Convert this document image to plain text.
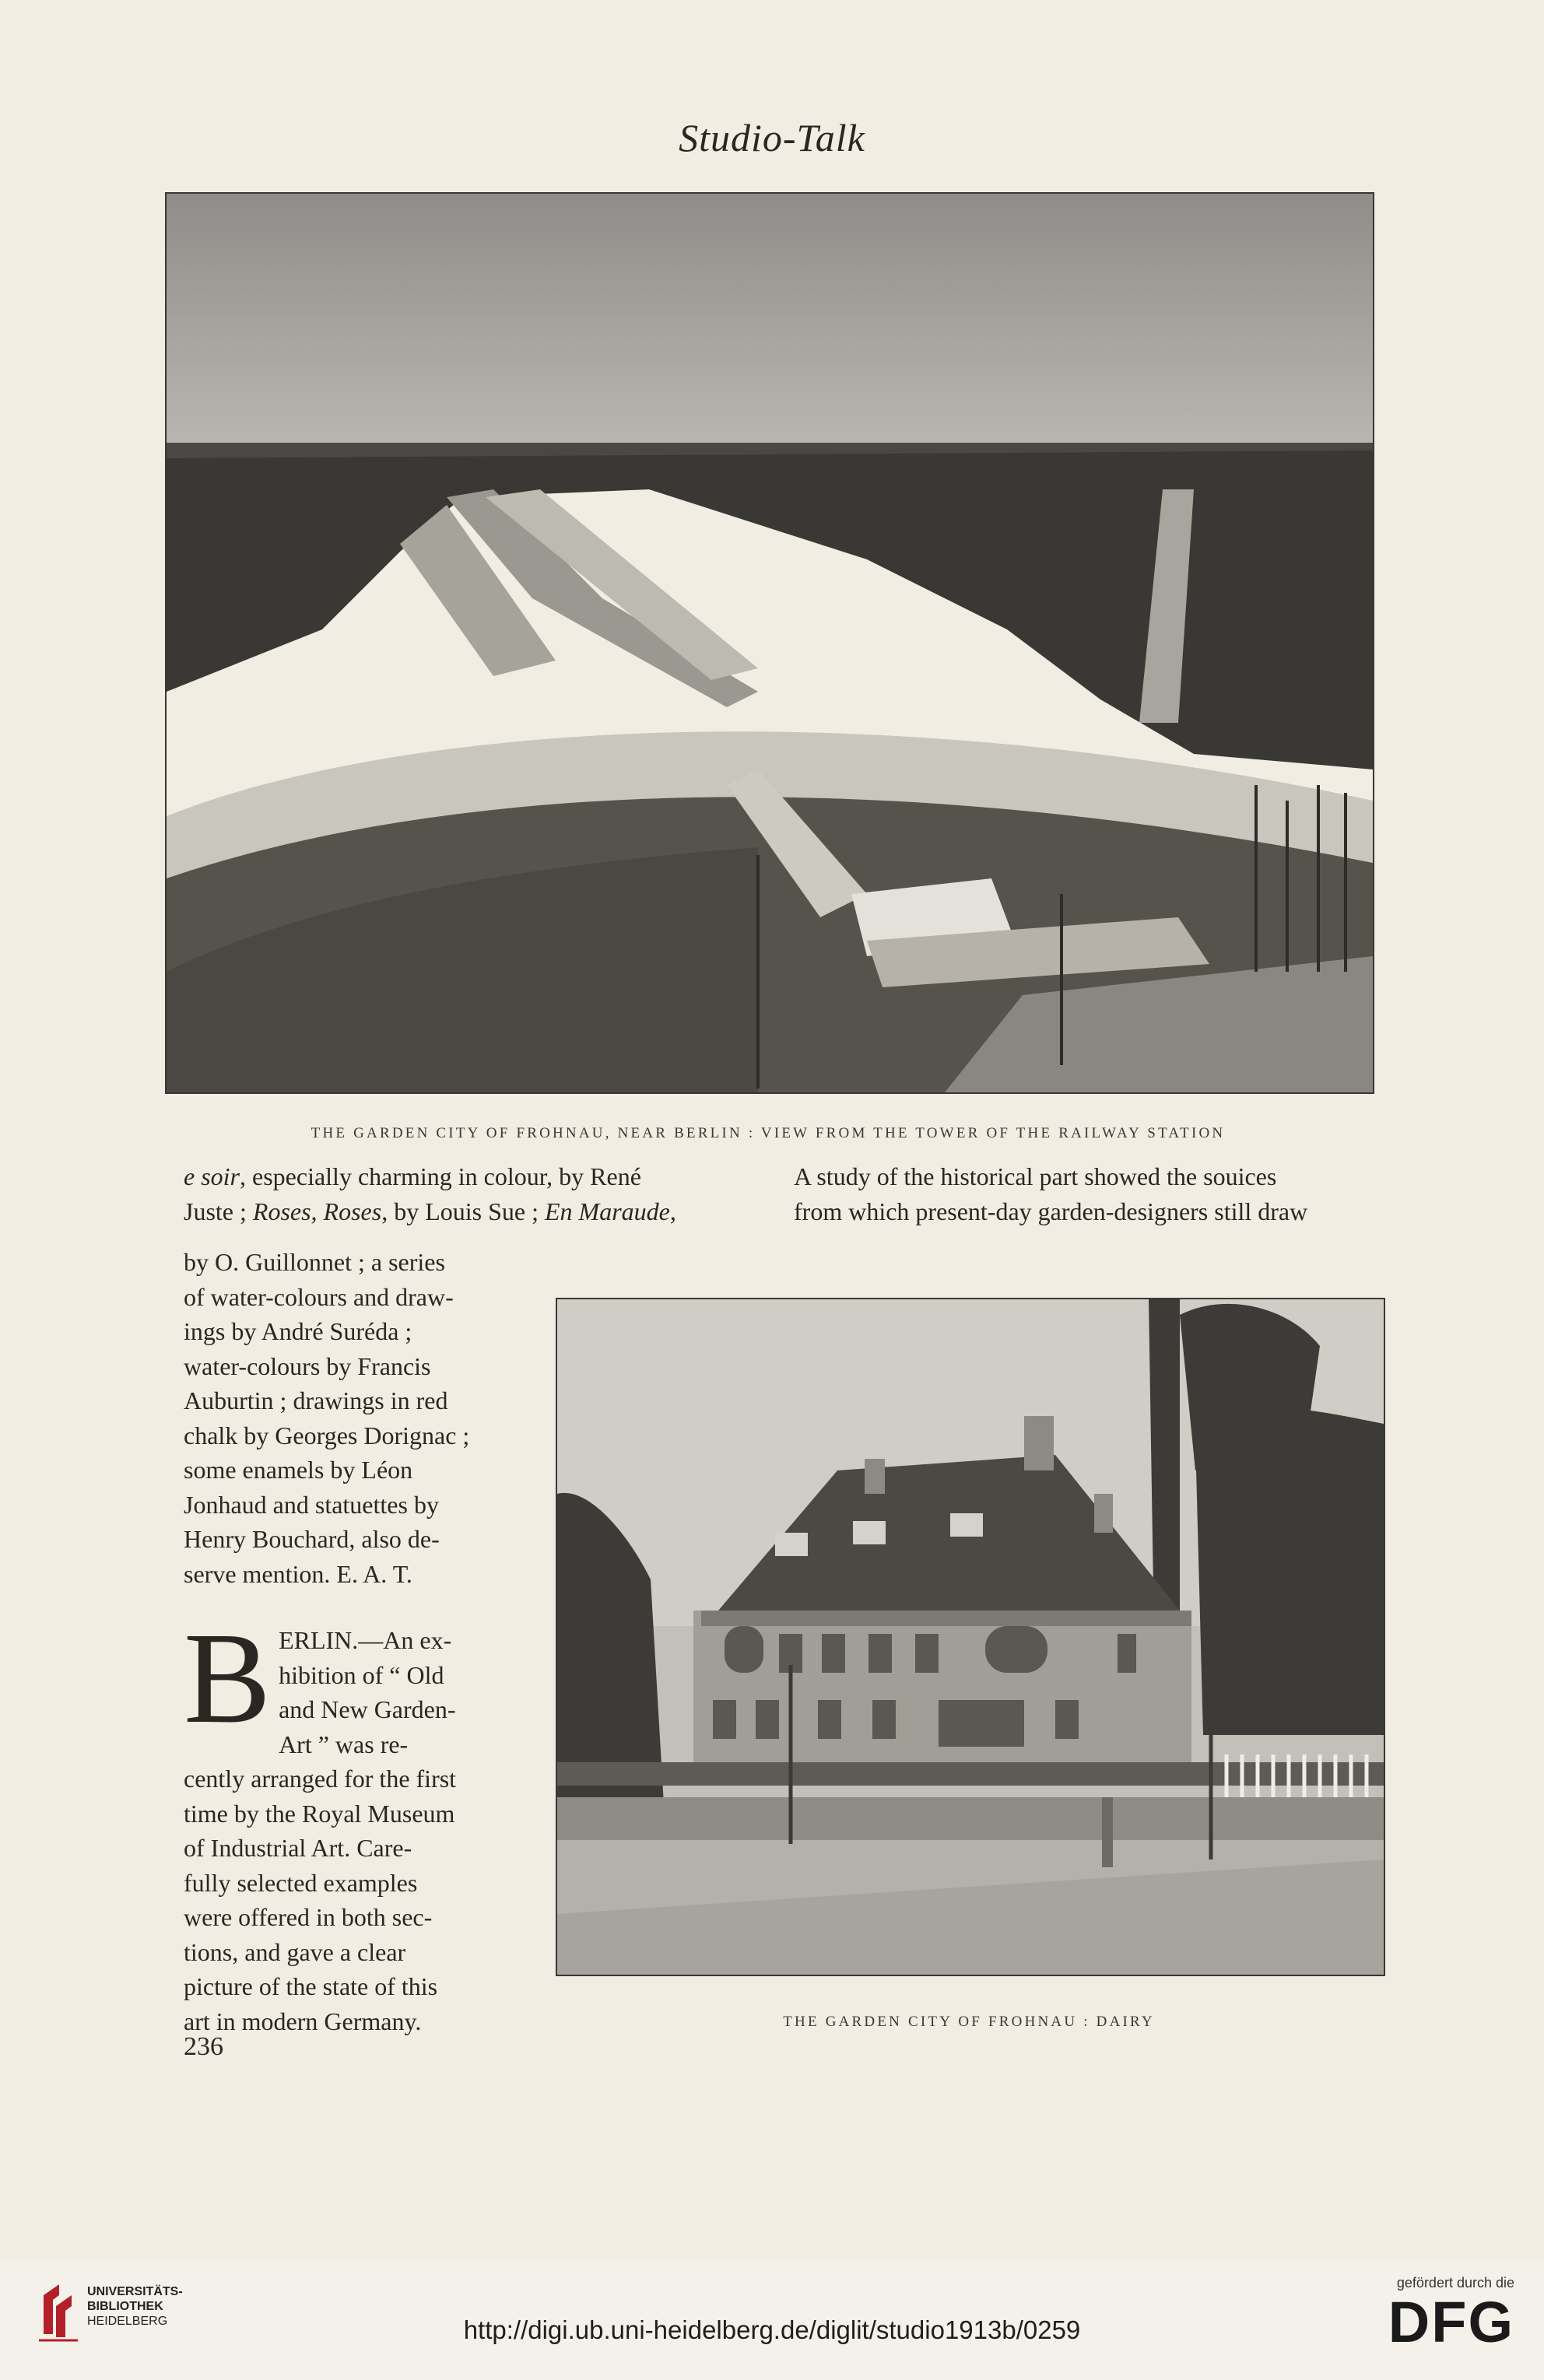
Studio-Talk
THE GARDEN CITY OF FROHNAU, NEAR BERLIN : VIEW FROM THE TOWER OF THE RAILWAY STATION

e soir, especially charming in colour, by René

Juste ; Roses, Roses, by Louis Sue ; En Maraude,

by O. Guillonnet ; a series

of water-colours and draw-

ings by André Suréda ;

water-colours by Francis

Auburtin ; drawings in red

chalk by Georges Dorignac ;

some enamels by Léon

Jonhaud and statuettes by

Henry Bouchard, also de-

serve mention. E. A. T.

B ERLIN.—An ex-

hibition of “ Old

and New Garden-

Art ” was re-

cently arranged for the first

time by the Royal Museum

of Industrial Art. Care-

fully selected examples

were offered in both sec-

tions, and gave a clear

picture of the state of this

art in modern Germany.

A study of the historical part showed the souices

from which present-day garden-designers still draw

THE GARDEN CITY OF FROHNAU : DAIRY
236
UNIVERSITÄTS-
BIBLIOTHEK
HEIDELBERG	http://digi.ub.uni-heidelberg.de/diglit/studio1913b/0259
gefördert durch die
DFG
